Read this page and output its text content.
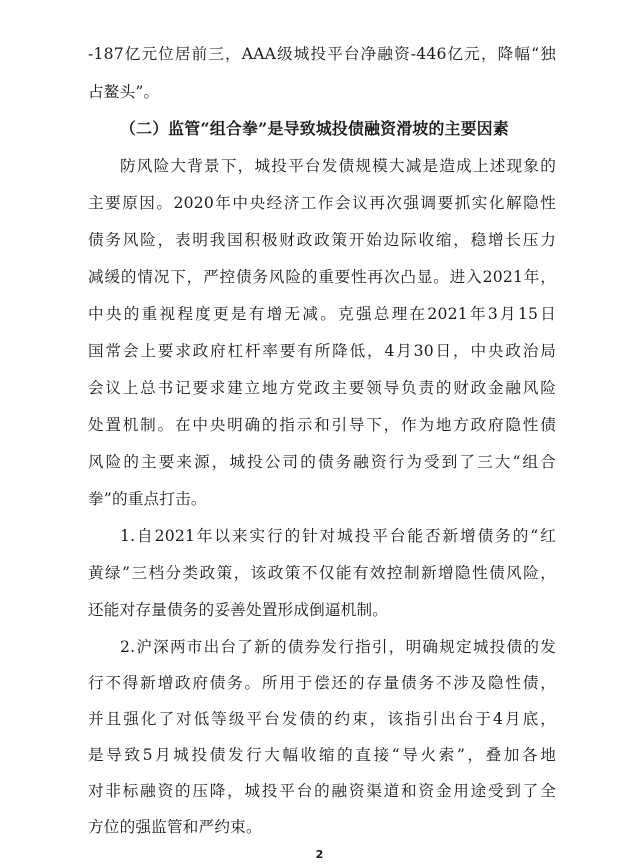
-187亿元位居前三，AAA级城投平台净融资-446亿元，降幅“独
占鳌头”。
（二）监管“组合拳”是导致城投债融资滑坡的主要因素
防风险大背景下，城投平台发债规模大减是造成上述现象的
主要原因。2020年中央经济工作会议再次强调要抓实化解隐性
债务风险，表明我国积极财政政策开始边际收缩，稳增长压力
减缓的情况下，严控债务风险的重要性再次凸显。进入2021年，
中央的重视程度更是有增无减。克强总理在2021年3月15日
国常会上要求政府杠杆率要有所降低，4月30日，中央政治局
会议上总书记要求建立地方党政主要领导负责的财政金融风险
处置机制。在中央明确的指示和引导下，作为地方政府隐性债
风险的主要来源，城投公司的债务融资行为受到了三大“组合
拳”的重点打击。
1.自2021年以来实行的针对城投平台能否新增债务的“红
黄绿”三档分类政策，该政策不仅能有效控制新增隐性债风险，
还能对存量债务的妥善处置形成倒逼机制。
2.沪深两市出台了新的债券发行指引，明确规定城投债的发
行不得新增政府债务。所用于偿还的存量债务不涉及隐性债，
并且强化了对低等级平台发债的约束，该指引出台于4月底，
是导致5月城投债发行大幅收缩的直接“导火索”，叠加各地
对非标融资的压降，城投平台的融资渠道和资金用途受到了全
2
方位的强监管和严约束。
